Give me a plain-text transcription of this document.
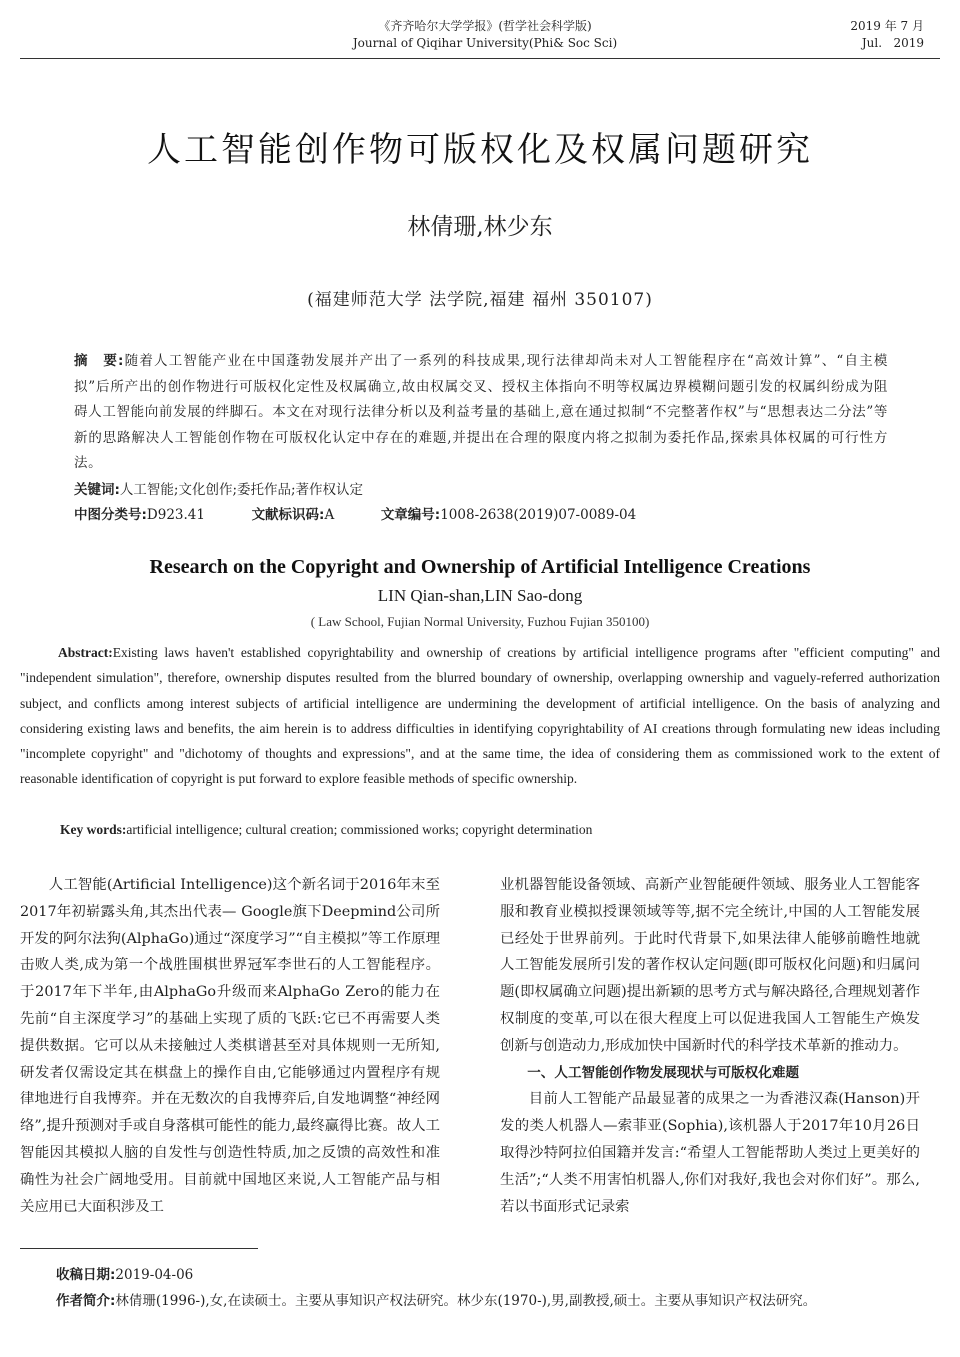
《齐齐哈尔大学学报》(哲学社会科学版)
Journal of Qiqihar University(Phi& Soc Sci)
2019 年 7 月
Jul.   2019
人工智能创作物可版权化及权属问题研究
林倩珊,林少东
(福建师范大学 法学院,福建 福州 350107)
摘　要:随着人工智能产业在中国蓬勃发展并产出了一系列的科技成果,现行法律却尚未对人工智能程序在“高效计算”、“自主模拟”后所产出的创作物进行可版权化定性及权属确立,故由权属交叉、授权主体指向不明等权属边界模糊问题引发的权属纠纷成为阻碍人工智能向前发展的绊脚石。本文在对现行法律分析以及利益考量的基础上,意在通过拟制“不完整著作权”与“思想表达二分法”等新的思路解决人工智能创作物在可版权化认定中存在的难题,并提出在合理的限度内将之拟制为委托作品,探索具体权属的可行性方法。
关键词:人工智能;文化创作;委托作品;著作权认定
中图分类号:D923.41	文献标识码:A	文章编号:1008-2638(2019)07-0089-04
Research on the Copyright and Ownership of Artificial Intelligence Creations
LIN Qian-shan,LIN Sao-dong
( Law School, Fujian Normal University, Fuzhou Fujian 350100)
Abstract:Existing laws haven't established copyrightability and ownership of creations by artificial intelligence programs after "efficient computing" and "independent simulation", therefore, ownership disputes resulted from the blurred boundary of ownership, overlapping ownership and vaguely-referred authorization subject, and conflicts among interest subjects of artificial intelligence are undermining the development of artificial intelligence. On the basis of analyzing and considering existing laws and benefits, the aim herein is to address difficulties in identifying copyrightability of AI creations through formulating new ideas including "incomplete copyright" and "dichotomy of thoughts and expressions", and at the same time, the idea of considering them as commissioned work to the extent of reasonable identification of copyright is put forward to explore feasible methods of specific ownership.
Key words:artificial intelligence; cultural creation; commissioned works; copyright determination

人工智能(Artificial Intelligence)这个新名词于2016年末至2017年初崭露头角,其杰出代表— Google旗下Deepmind公司所开发的阿尔法狗(AlphaGo)通过“深度学习”“自主模拟”等工作原理击败人类,成为第一个战胜围棋世界冠军李世石的人工智能程序。于2017年下半年,由AlphaGo升级而来AlphaGo Zero的能力在先前“自主深度学习”的基础上实现了质的飞跃:它已不再需要人类提供数据。它可以从未接触过人类棋谱甚至对具体规则一无所知,研发者仅需设定其在棋盘上的操作自由,它能够通过内置程序有规律地进行自我博弈。并在无数次的自我博弈后,自发地调整“神经网络”,提升预测对手或自身落棋可能性的能力,最终赢得比赛。故人工智能因其模拟人脑的自发性与创造性特质,加之反馈的高效性和准确性为社会广阔地受用。目前就中国地区来说,人工智能产品与相关应用已大面积涉及工

业机器智能设备领域、高新产业智能硬件领域、服务业人工智能客服和教育业模拟授课领域等等,据不完全统计,中国的人工智能发展已经处于世界前列。于此时代背景下,如果法律人能够前瞻性地就人工智能发展所引发的著作权认定问题(即可版权化问题)和归属问题(即权属确立问题)提出新颖的思考方式与解决路径,合理规划著作权制度的变革,可以在很大程度上可以促进我国人工智能生产焕发创新与创造动力,形成加快中国新时代的科学技术革新的推动力。

一、人工智能创作物发展现状与可版权化难题

目前人工智能产品最显著的成果之一为香港汉森(Hanson)开发的类人机器人—索菲亚(Sophia),该机器人于2017年10月26日取得沙特阿拉伯国籍并发言:“希望人工智能帮助人类过上更美好的生活”;“人类不用害怕机器人,你们对我好,我也会对你们好”。那么,若以书面形式记录索

收稿日期:2019-04-06

作者简介:林倩珊(1996-),女,在读硕士。主要从事知识产权法研究。林少东(1970-),男,副教授,硕士。主要从事知识产权法研究。
